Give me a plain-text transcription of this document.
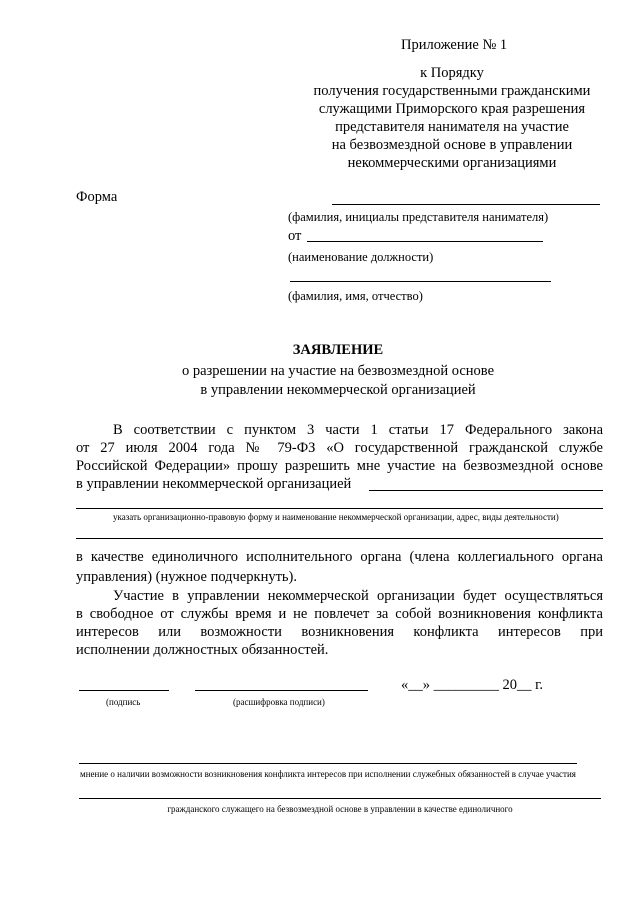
Приложение № 1
к Порядку
получения государственными гражданскими
служащими Приморского края разрешения
представителя нанимателя на участие
на безвозмездной основе в управлении
некоммерческими организациями
Форма
(фамилия, инициалы представителя нанимателя)
от
(наименование должности)
(фамилия, имя, отчество)
ЗАЯВЛЕНИЕ
о разрешении на участие на безвозмездной основе
в управлении некоммерческой организацией
В соответствии с пунктом 3 части 1 статьи 17 Федерального закона
от 27 июля 2004 года № 79-ФЗ «О государственной гражданской службе
Российской Федерации» прошу разрешить мне участие на безвозмездной основе
в управлении некоммерческой организацией
указать организационно-правовую форму и наименование некоммерческой организации, адрес, виды деятельности)
в качестве единоличного исполнительного органа (члена коллегиального органа
управления) (нужное подчеркнуть).
Участие в управлении некоммерческой организации будет осуществляться
в свободное от службы время и не повлечет за собой возникновения конфликта
интересов или возможности возникновения конфликта интересов при
исполнении должностных обязанностей.
«__» _________ 20__ г.
(подпись	(расшифровка подписи)
мнение о наличии возможности возникновения конфликта интересов при исполнении служебных обязанностей в случае участия
гражданского служащего на безвозмездной основе в управлении в качестве единоличного
